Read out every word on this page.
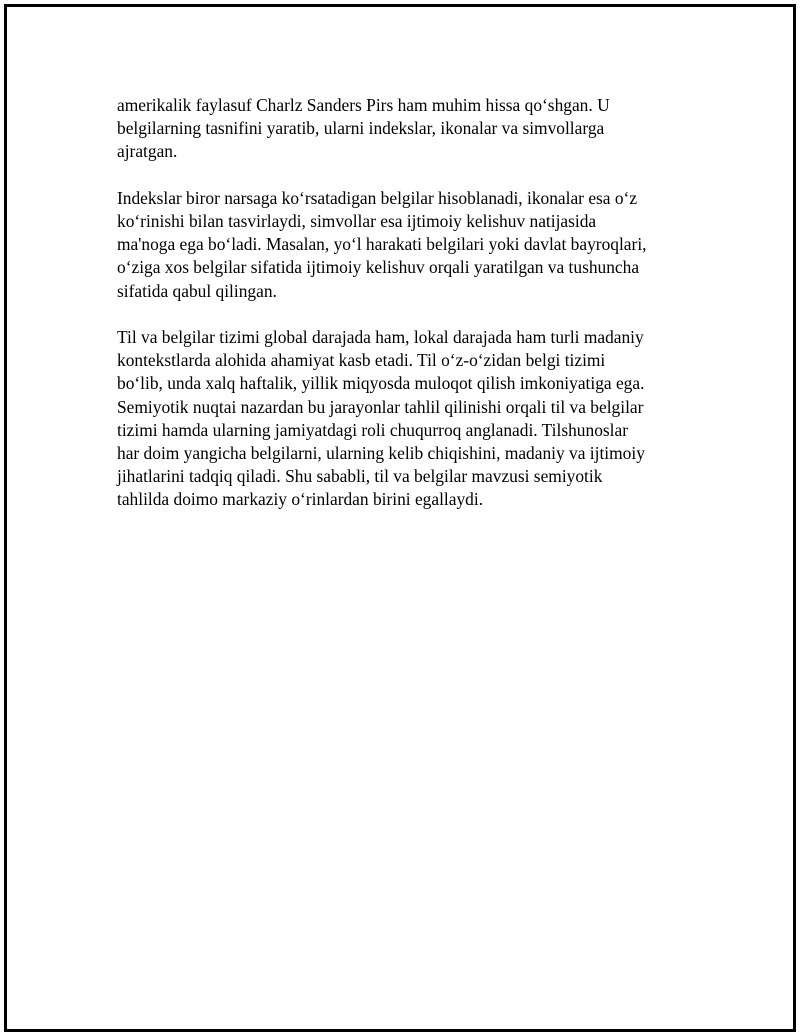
amerikalik faylasuf Charlz Sanders Pirs ham muhim hissa qoʻshgan. U
belgilarning tasnifini yaratib, ularni indekslar, ikonalar va simvollarga
ajratgan.

Indekslar biror narsaga koʻrsatadigan belgilar hisoblanadi, ikonalar esa oʻz
koʻrinishi bilan tasvirlaydi, simvollar esa ijtimoiy kelishuv natijasida
ma'noga ega boʻladi. Masalan, yoʻl harakati belgilari yoki davlat bayroqlari,
oʻziga xos belgilar sifatida ijtimoiy kelishuv orqali yaratilgan va tushuncha
sifatida qabul qilingan.

Til va belgilar tizimi global darajada ham, lokal darajada ham turli madaniy
kontekstlarda alohida ahamiyat kasb etadi. Til oʻz-oʻzidan belgi tizimi
boʻlib, unda xalq haftalik, yillik miqyosda muloqot qilish imkoniyatiga ega.
Semiyotik nuqtai nazardan bu jarayonlar tahlil qilinishi orqali til va belgilar
tizimi hamda ularning jamiyatdagi roli chuqurroq anglanadi. Tilshunoslar
har doim yangicha belgilarni, ularning kelib chiqishini, madaniy va ijtimoiy
jihatlarini tadqiq qiladi. Shu sababli, til va belgilar mavzusi semiyotik
tahlilda doimo markaziy oʻrinlardan birini egallaydi.
